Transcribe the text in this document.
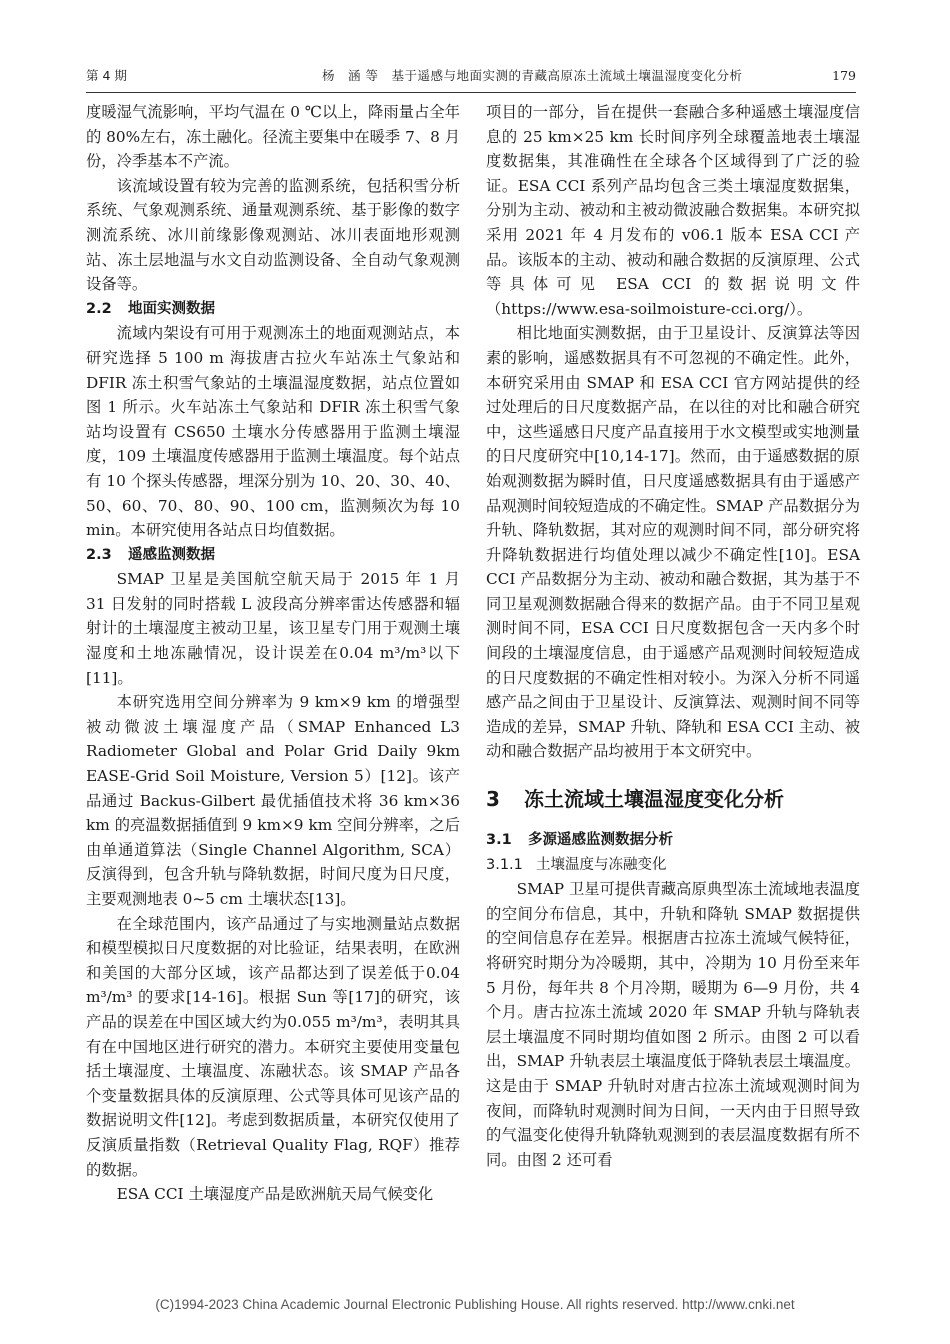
第 4 期	杨　涵 等　基于遥感与地面实测的青藏高原冻土流域土壤温湿度变化分析	179

度暖湿气流影响，平均气温在 0 ℃以上，降雨量占全年的 80%左右，冻土融化。径流主要集中在暖季 7、8 月份，冷季基本不产流。

该流域设置有较为完善的监测系统，包括积雪分析系统、气象观测系统、通量观测系统、基于影像的数字测流系统、冰川前缘影像观测站、冰川表面地形观测站、冻土层地温与水文自动监测设备、全自动气象观测设备等。

2.2 地面实测数据

流域内架设有可用于观测冻土的地面观测站点，本研究选择 5 100 m 海拔唐古拉火车站冻土气象站和 DFIR 冻土积雪气象站的土壤温湿度数据，站点位置如图 1 所示。火车站冻土气象站和 DFIR 冻土积雪气象站均设置有 CS650 土壤水分传感器用于监测土壤湿度，109 土壤温度传感器用于监测土壤温度。每个站点有 10 个探头传感器，埋深分别为 10、20、30、40、50、60、70、80、90、100 cm，监测频次为每 10 min。本研究使用各站点日均值数据。

2.3 遥感监测数据

SMAP 卫星是美国航空航天局于 2015 年 1 月 31 日发射的同时搭载 L 波段高分辨率雷达传感器和辐射计的土壤湿度主被动卫星，该卫星专门用于观测土壤湿度和土地冻融情况，设计误差在0.04 m³/m³以下[11]。

本研究选用空间分辨率为 9 km×9 km 的增强型被动微波土壤湿度产品（SMAP Enhanced L3 Radiometer Global and Polar Grid Daily 9km EASE-Grid Soil Moisture, Version 5）[12]。该产品通过 Backus-Gilbert 最优插值技术将 36 km×36 km 的亮温数据插值到 9 km×9 km 空间分辨率，之后由单通道算法（Single Channel Algorithm, SCA）反演得到，包含升轨与降轨数据，时间尺度为日尺度，主要观测地表 0~5 cm 土壤状态[13]。

在全球范围内，该产品通过了与实地测量站点数据和模型模拟日尺度数据的对比验证，结果表明，在欧洲和美国的大部分区域，该产品都达到了误差低于0.04 m³/m³ 的要求[14-16]。根据 Sun 等[17]的研究，该产品的误差在中国区域大约为0.055 m³/m³，表明其具有在中国地区进行研究的潜力。本研究主要使用变量包括土壤湿度、土壤温度、冻融状态。该 SMAP 产品各个变量数据具体的反演原理、公式等具体可见该产品的数据说明文件[12]。考虑到数据质量，本研究仅使用了反演质量指数（Retrieval Quality Flag, RQF）推荐的数据。

ESA CCI 土壤湿度产品是欧洲航天局气候变化

项目的一部分，旨在提供一套融合多种遥感土壤湿度信息的 25 km×25 km 长时间序列全球覆盖地表土壤湿度数据集，其准确性在全球各个区域得到了广泛的验证。ESA CCI 系列产品均包含三类土壤湿度数据集，分别为主动、被动和主被动微波融合数据集。本研究拟采用 2021 年 4 月发布的 v06.1 版本 ESA CCI 产品。该版本的主动、被动和融合数据的反演原理、公式等具体可见 ESA CCI 的数据说明文件（https://www.esa-soilmoisture-cci.org/）。

相比地面实测数据，由于卫星设计、反演算法等因素的影响，遥感数据具有不可忽视的不确定性。此外，本研究采用由 SMAP 和 ESA CCI 官方网站提供的经过处理后的日尺度数据产品，在以往的对比和融合研究中，这些遥感日尺度产品直接用于水文模型或实地测量的日尺度研究中[10,14-17]。然而，由于遥感数据的原始观测数据为瞬时值，日尺度遥感数据具有由于遥感产品观测时间较短造成的不确定性。SMAP 产品数据分为升轨、降轨数据，其对应的观测时间不同，部分研究将升降轨数据进行均值处理以减少不确定性[10]。ESA CCI 产品数据分为主动、被动和融合数据，其为基于不同卫星观测数据融合得来的数据产品。由于不同卫星观测时间不同，ESA CCI 日尺度数据包含一天内多个时间段的土壤湿度信息，由于遥感产品观测时间较短造成的日尺度数据的不确定性相对较小。为深入分析不同遥感产品之间由于卫星设计、反演算法、观测时间不同等造成的差异，SMAP 升轨、降轨和 ESA CCI 主动、被动和融合数据产品均被用于本文研究中。

3 冻土流域土壤温湿度变化分析

3.1 多源遥感监测数据分析

3.1.1 土壤温度与冻融变化

SMAP 卫星可提供青藏高原典型冻土流域地表温度的空间分布信息，其中，升轨和降轨 SMAP 数据提供的空间信息存在差异。根据唐古拉冻土流域气候特征，将研究时期分为冷暖期，其中，冷期为 10 月份至来年 5 月份，每年共 8 个月冷期，暖期为 6—9 月份，共 4 个月。唐古拉冻土流域 2020 年 SMAP 升轨与降轨表层土壤温度不同时期均值如图 2 所示。由图 2 可以看出，SMAP 升轨表层土壤温度低于降轨表层土壤温度。这是由于 SMAP 升轨时对唐古拉冻土流域观测时间为夜间，而降轨时观测时间为日间，一天内由于日照导致的气温变化使得升轨降轨观测到的表层温度数据有所不同。由图 2 还可看

(C)1994-2023 China Academic Journal Electronic Publishing House. All rights reserved. http://www.cnki.net
